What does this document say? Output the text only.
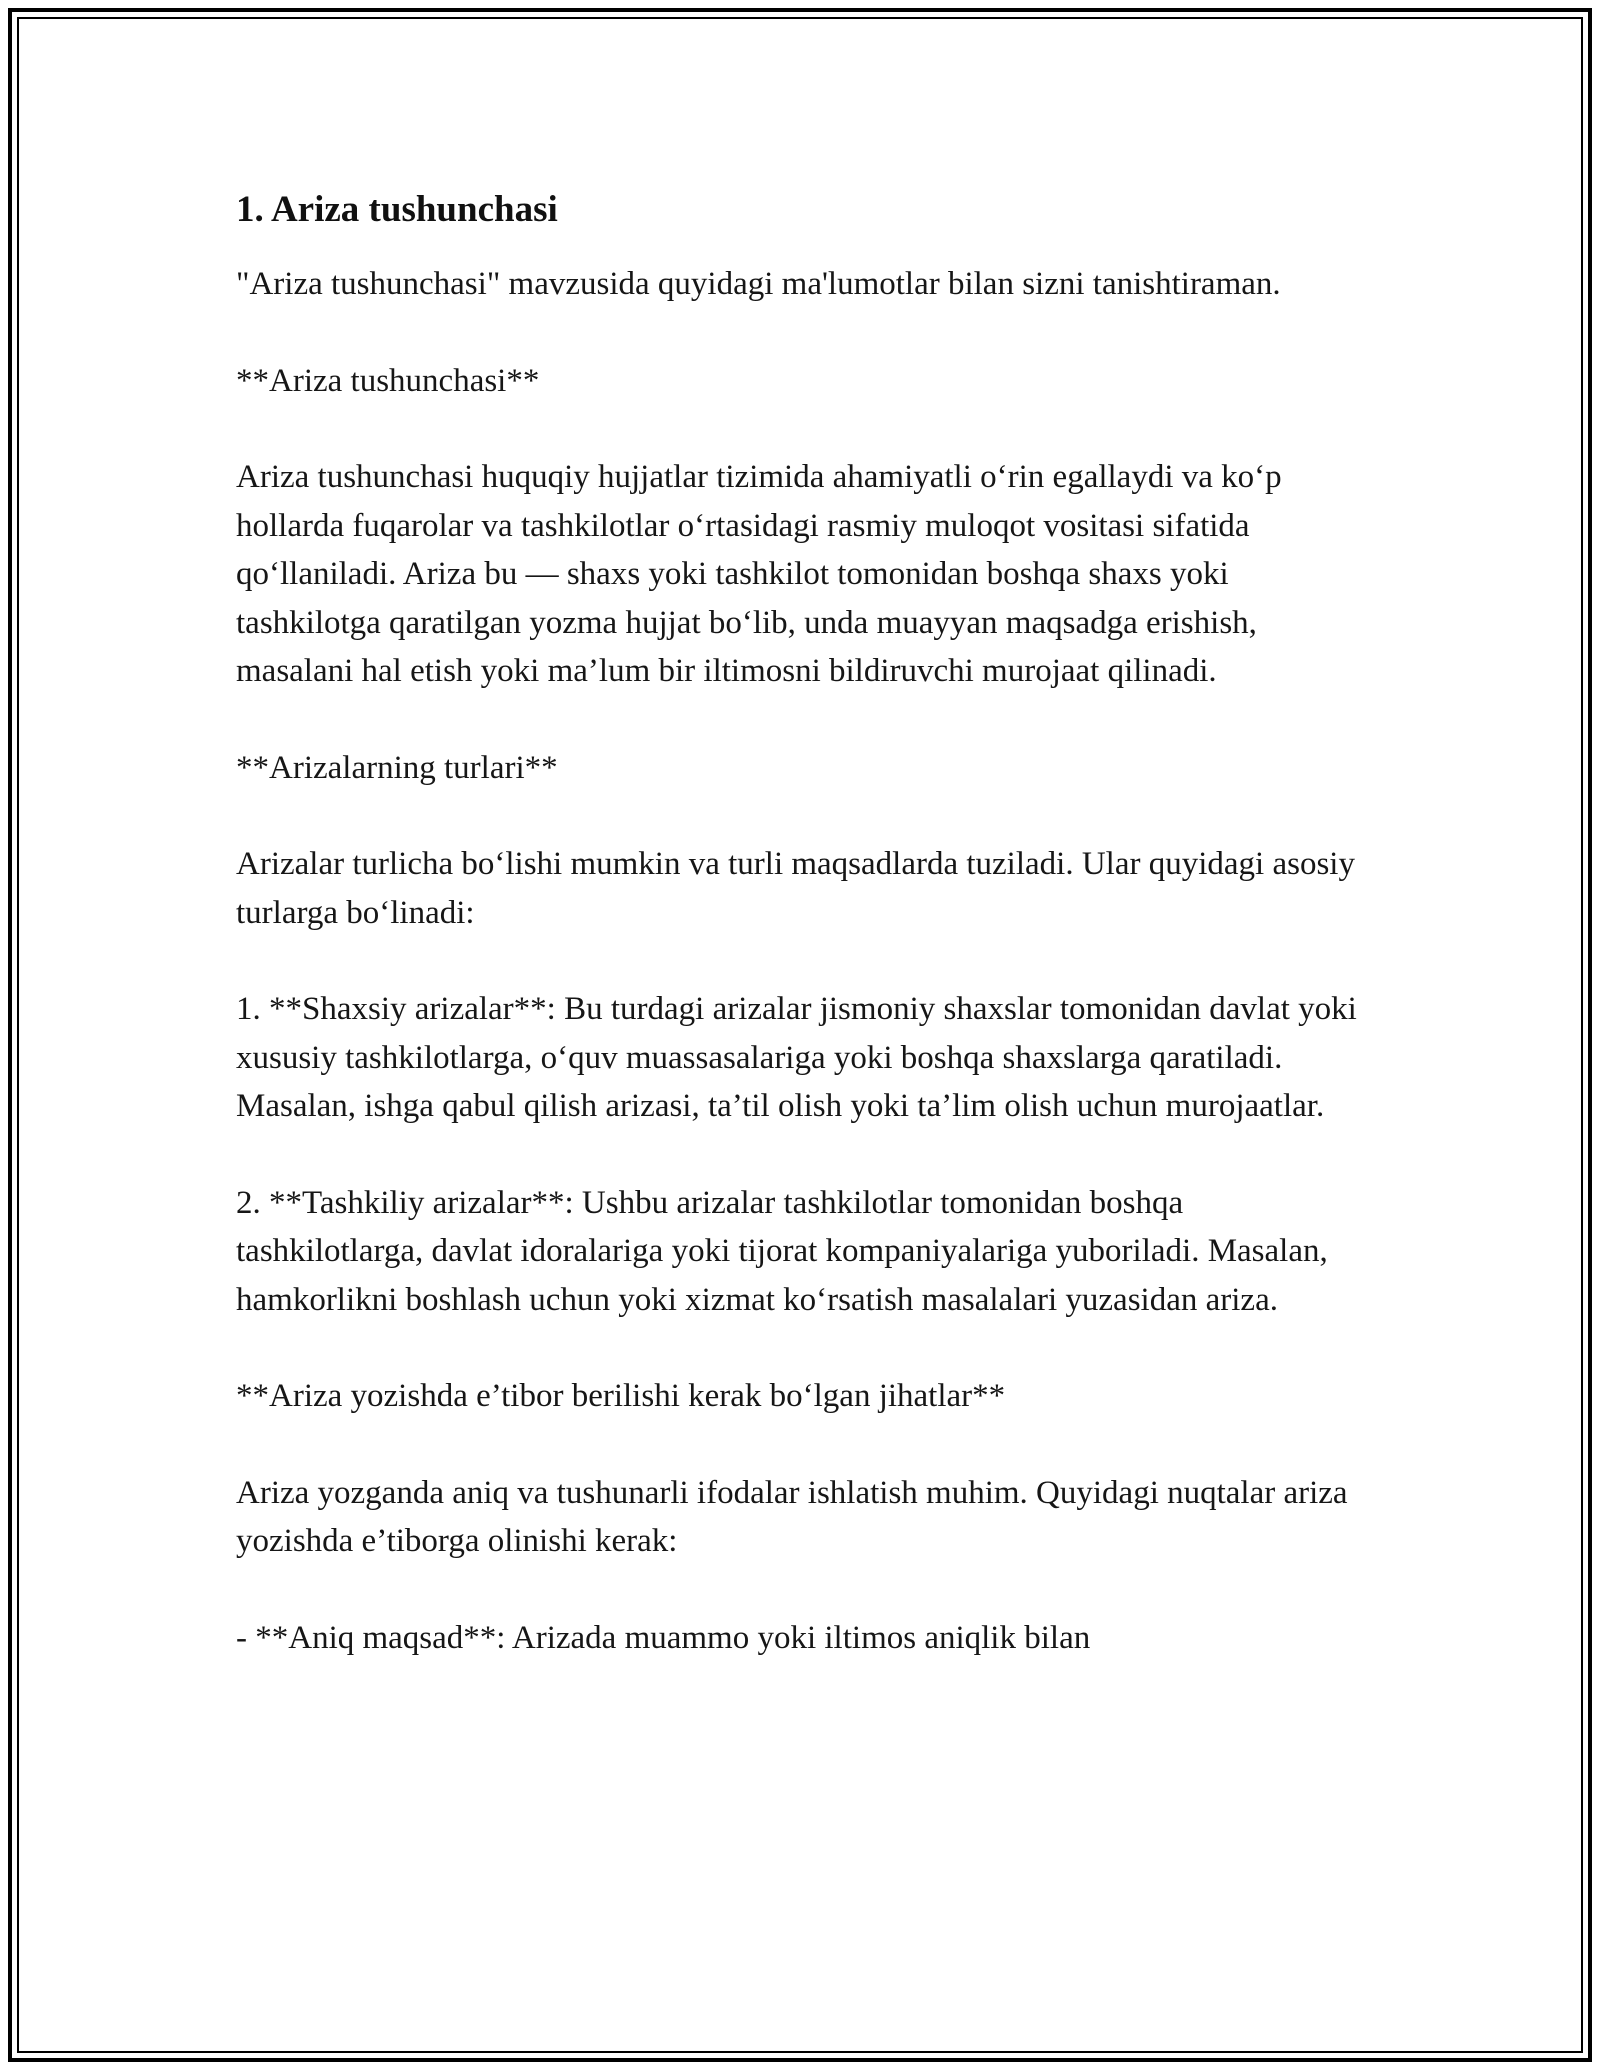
1. Ariza tushunchasi

"Ariza tushunchasi" mavzusida quyidagi ma'lumotlar bilan sizni tanishtiraman.

**Ariza tushunchasi**

Ariza tushunchasi huquqiy hujjatlar tizimida ahamiyatli o‘rin egallaydi va ko‘p hollarda fuqarolar va tashkilotlar o‘rtasidagi rasmiy muloqot vositasi sifatida qo‘llaniladi. Ariza bu — shaxs yoki tashkilot tomonidan boshqa shaxs yoki tashkilotga qaratilgan yozma hujjat bo‘lib, unda muayyan maqsadga erishish, masalani hal etish yoki ma’lum bir iltimosni bildiruvchi murojaat qilinadi.

**Arizalarning turlari**

Arizalar turlicha bo‘lishi mumkin va turli maqsadlarda tuziladi. Ular quyidagi asosiy turlarga bo‘linadi:

1. **Shaxsiy arizalar**: Bu turdagi arizalar jismoniy shaxslar tomonidan davlat yoki xususiy tashkilotlarga, o‘quv muassasalariga yoki boshqa shaxslarga qaratiladi. Masalan, ishga qabul qilish arizasi, ta’til olish yoki ta’lim olish uchun murojaatlar.

2. **Tashkiliy arizalar**: Ushbu arizalar tashkilotlar tomonidan boshqa tashkilotlarga, davlat idoralariga yoki tijorat kompaniyalariga yuboriladi. Masalan, hamkorlikni boshlash uchun yoki xizmat ko‘rsatish masalalari yuzasidan ariza.

**Ariza yozishda e’tibor berilishi kerak bo‘lgan jihatlar**

Ariza yozganda aniq va tushunarli ifodalar ishlatish muhim. Quyidagi nuqtalar ariza yozishda e’tiborga olinishi kerak:

- **Aniq maqsad**: Arizada muammo yoki iltimos aniqlik bilan
